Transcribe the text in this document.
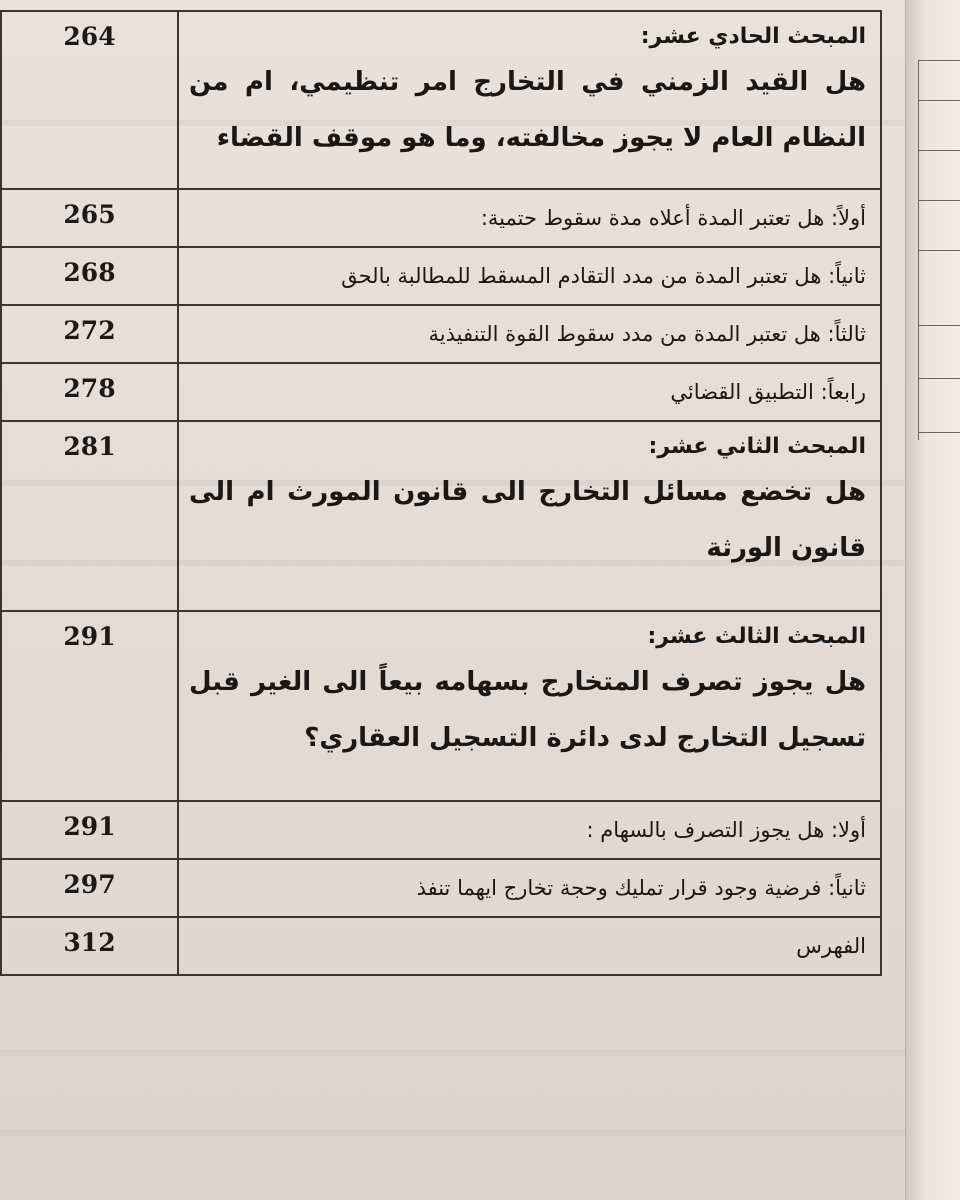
264	المبحث الحادي عشر:
هل القيد الزمني في التخارج امر تنظيمي، ام من النظام العام لا يجوز مخالفته، وما هو موقف القضاء

265	أولاً: هل تعتبر المدة أعلاه مدة سقوط حتمية:

268	ثانياً: هل تعتبر المدة من مدد التقادم المسقط للمطالبة بالحق

272	ثالثاً: هل تعتبر المدة من مدد سقوط القوة التنفيذية

278	رابعاً: التطبيق القضائي

281	المبحث الثاني عشر:
هل تخضع مسائل التخارج الى قانون المورث ام الى قانون الورثة

291	المبحث الثالث عشر:
هل يجوز تصرف المتخارج بسهامه بيعاً الى الغير قبل تسجيل التخارج لدى دائرة التسجيل العقاري؟

291	أولا: هل يجوز التصرف بالسهام :

297	ثانياً: فرضية وجود قرار تمليك وحجة تخارج ايهما تنفذ

312	الفهرس
